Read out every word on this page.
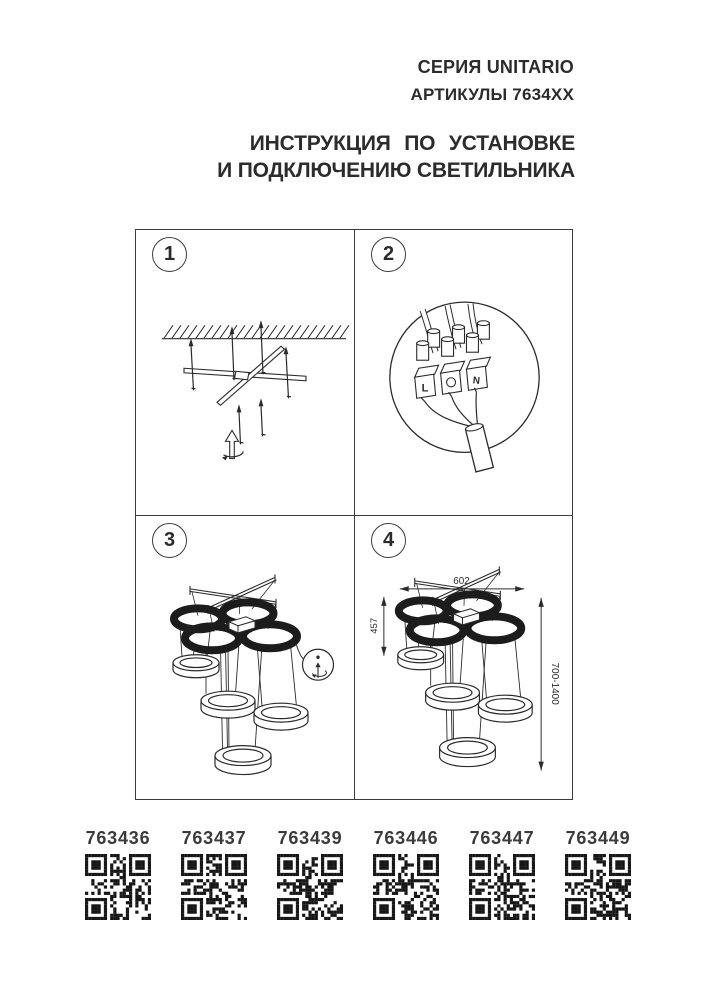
СЕРИЯ UNITARIO
АРТИКУЛЫ 7634XX
ИНСТРУКЦИЯ ПО УСТАНОВКЕ
И ПОДКЛЮЧЕНИЮ СВЕТИЛЬНИКА
1	2
L
N
3	4
602
457
700-1400
763436 763437 763439 763446 763447 763449
